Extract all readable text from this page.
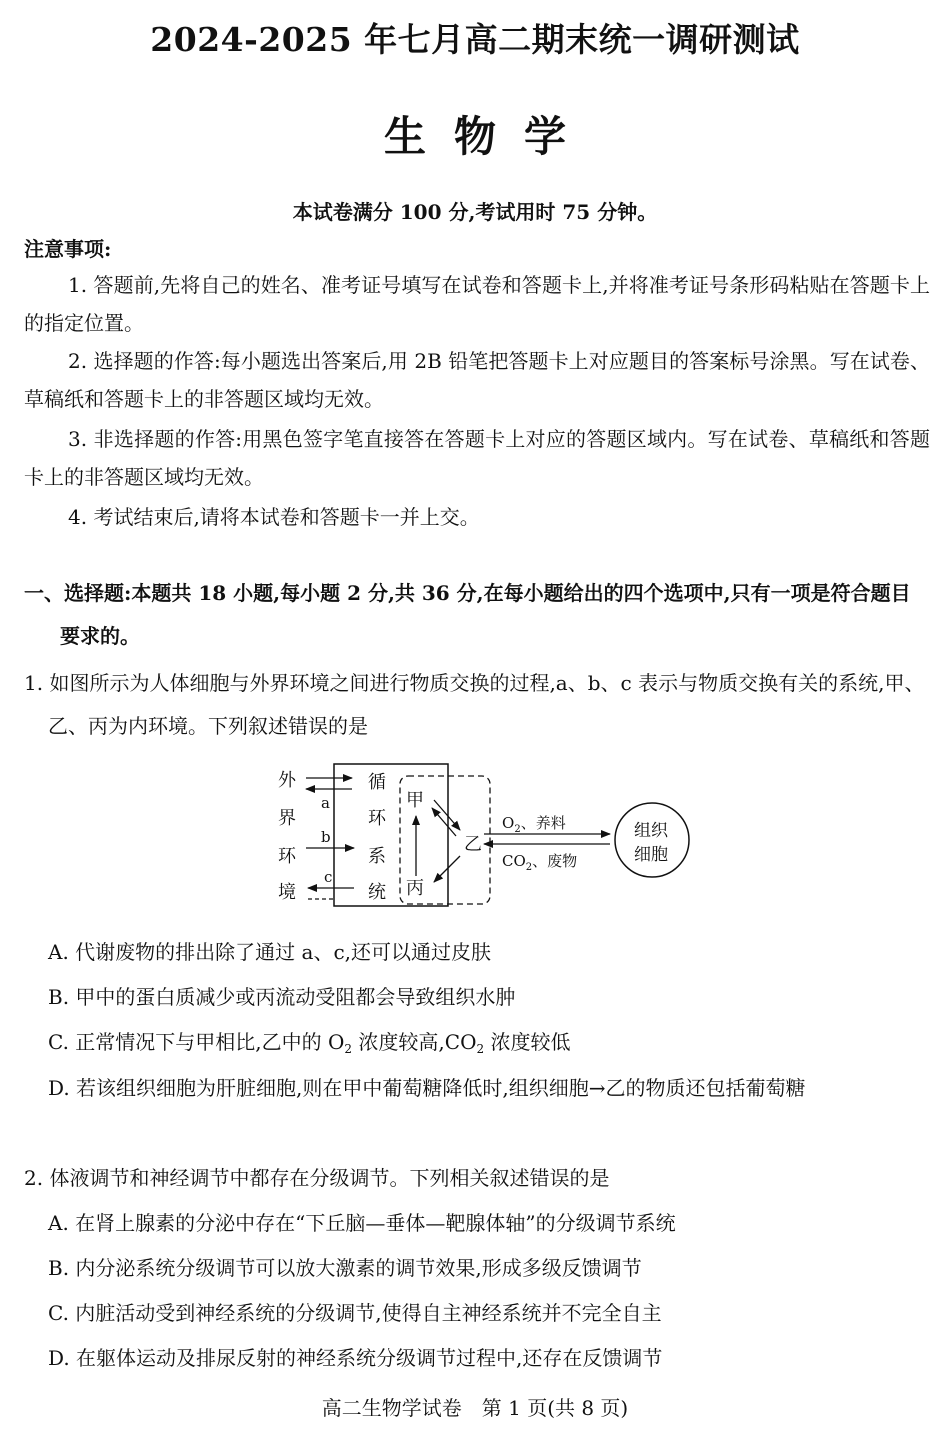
2024-2025 年七月高二期末统一调研测试
生物学
本试卷满分 100 分,考试用时 75 分钟。
注意事项:
1. 答题前,先将自己的姓名、准考证号填写在试卷和答题卡上,并将准考证号条形码粘贴在答题卡上的指定位置。
2. 选择题的作答:每小题选出答案后,用 2B 铅笔把答题卡上对应题目的答案标号涂黑。写在试卷、草稿纸和答题卡上的非答题区域均无效。
3. 非选择题的作答:用黑色签字笔直接答在答题卡上对应的答题区域内。写在试卷、草稿纸和答题卡上的非答题区域均无效。
4. 考试结束后,请将本试卷和答题卡一并上交。
一、选择题:本题共 18 小题,每小题 2 分,共 36 分,在每小题给出的四个选项中,只有一项是符合题目要求的。
1. 如图所示为人体细胞与外界环境之间进行物质交换的过程,a、b、c 表示与物质交换有关的系统,甲、乙、丙为内环境。下列叙述错误的是
外
界
环
境
循
环
系
统
a
b
c
甲
丙
乙
$O_2$、养料
$CO_2$、废物
组织
细胞
A. 代谢废物的排出除了通过 a、c,还可以通过皮肤
B. 甲中的蛋白质减少或丙流动受阻都会导致组织水肿
C. 正常情况下与甲相比,乙中的 $O_2$ 浓度较高$,CO_2$ 浓度较低
D. 若该组织细胞为肝脏细胞,则在甲中葡萄糖降低时,组织细胞→乙的物质还包括葡萄糖
2. 体液调节和神经调节中都存在分级调节。下列相关叙述错误的是
A. 在肾上腺素的分泌中存在“下丘脑—垂体—靶腺体轴”的分级调节系统
B. 内分泌系统分级调节可以放大激素的调节效果,形成多级反馈调节
C. 内脏活动受到神经系统的分级调节,使得自主神经系统并不完全自主
D. 在躯体运动及排尿反射的神经系统分级调节过程中,还存在反馈调节
高二生物学试卷　第 1 页(共 8 页)
